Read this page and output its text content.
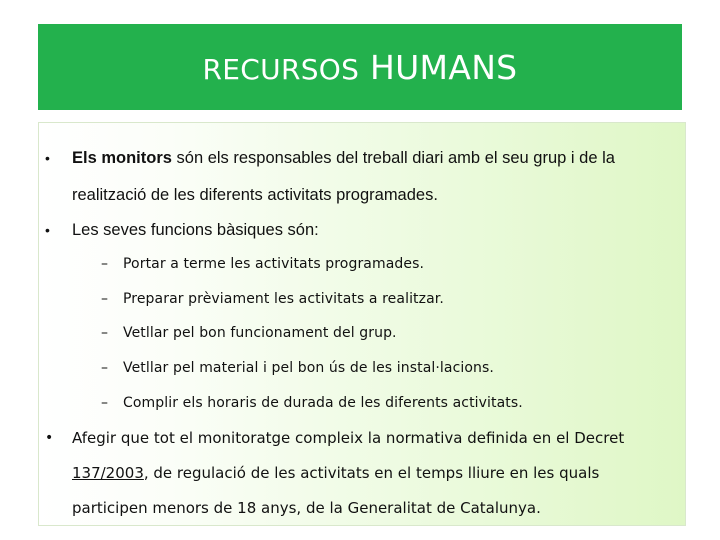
RECURSOS HUMANS
• Els monitors són els responsables del treball diari amb el seu grup i de la realització de les diferents activitats programades.
• Les seves funcions bàsiques són:
– Portar a terme les activitats programades.
– Preparar prèviament les activitats a realitzar.
– Vetllar pel bon funcionament del grup.
– Vetllar pel material i pel bon ús de les instal·lacions.
– Complir els horaris de durada de les diferents activitats.
• Afegir que tot el monitoratge compleix la normativa definida en el Decret 137/2003, de regulació de les activitats en el temps lliure en les quals participen menors de 18 anys, de la Generalitat de Catalunya.
